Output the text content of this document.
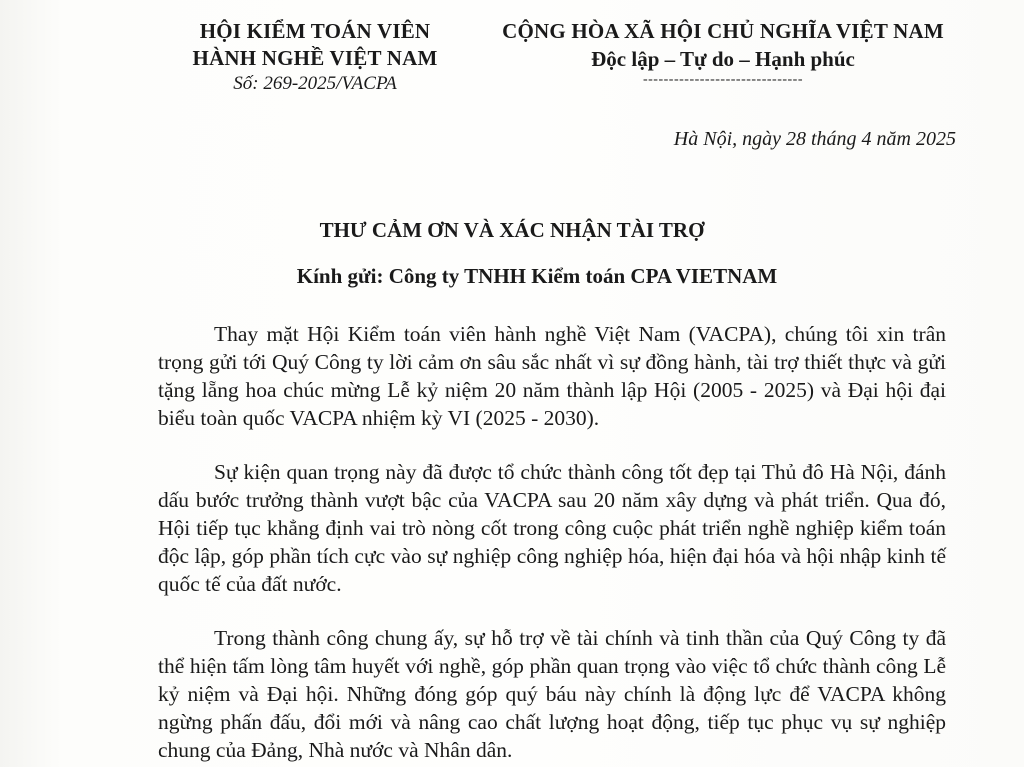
HỘI KIỂM TOÁN VIÊN
HÀNH NGHỀ VIỆT NAM
Số: 269-2025/VACPA
CỘNG HÒA XÃ HỘI CHỦ NGHĨA VIỆT NAM
Độc lập – Tự do – Hạnh phúc
-------------------------------
Hà Nội, ngày 28 tháng 4 năm 2025
THƯ CẢM ƠN VÀ XÁC NHẬN TÀI TRỢ
Kính gửi: Công ty TNHH Kiểm toán CPA VIETNAM

Thay mặt Hội Kiểm toán viên hành nghề Việt Nam (VACPA), chúng tôi xin trân trọng gửi tới Quý Công ty lời cảm ơn sâu sắc nhất vì sự đồng hành, tài trợ thiết thực và gửi tặng lẵng hoa chúc mừng Lễ kỷ niệm 20 năm thành lập Hội (2005 - 2025) và Đại hội đại biểu toàn quốc VACPA nhiệm kỳ VI (2025 - 2030).

Sự kiện quan trọng này đã được tổ chức thành công tốt đẹp tại Thủ đô Hà Nội, đánh dấu bước trưởng thành vượt bậc của VACPA sau 20 năm xây dựng và phát triển. Qua đó, Hội tiếp tục khẳng định vai trò nòng cốt trong công cuộc phát triển nghề nghiệp kiểm toán độc lập, góp phần tích cực vào sự nghiệp công nghiệp hóa, hiện đại hóa và hội nhập kinh tế quốc tế của đất nước.

Trong thành công chung ấy, sự hỗ trợ về tài chính và tinh thần của Quý Công ty đã thể hiện tấm lòng tâm huyết với nghề, góp phần quan trọng vào việc tổ chức thành công Lễ kỷ niệm và Đại hội. Những đóng góp quý báu này chính là động lực để VACPA không ngừng phấn đấu, đổi mới và nâng cao chất lượng hoạt động, tiếp tục phục vụ sự nghiệp chung của Đảng, Nhà nước và Nhân dân.
